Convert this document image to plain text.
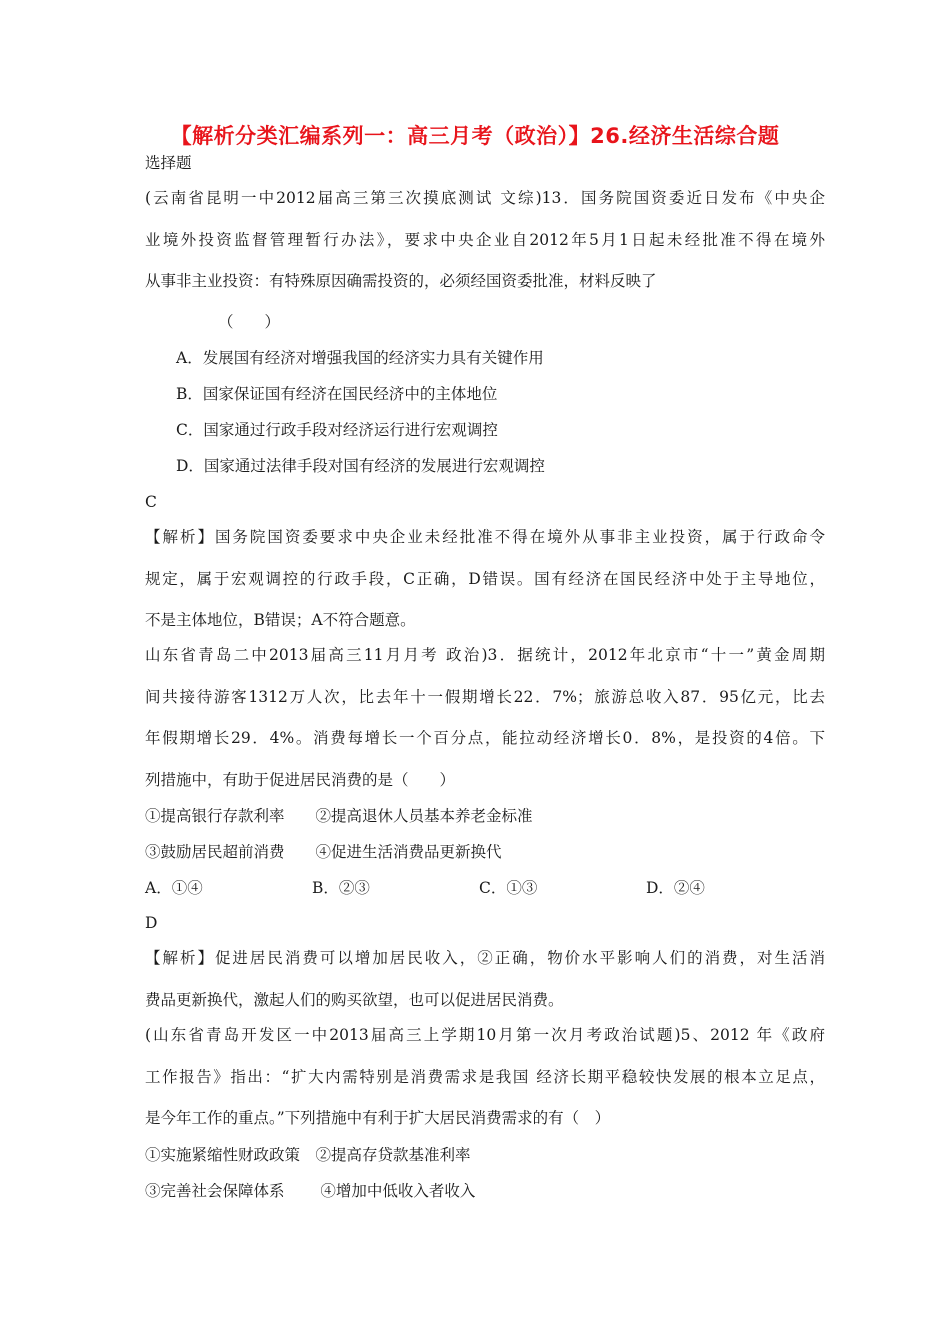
【解析分类汇编系列一：高三月考（政治）】26.经济生活综合题
选择题
(云南省昆明一中2012届高三第三次摸底测试 文综)13．国务院国资委近日发布《中央企
业境外投资监督管理暂行办法》，要求中央企业自2012年5月1日起未经批准不得在境外
从事非主业投资：有特殊原因确需投资的，必须经国资委批准，材料反映了
（　　）
A．发展国有经济对增强我国的经济实力具有关键作用
B．国家保证国有经济在国民经济中的主体地位
C．国家通过行政手段对经济运行进行宏观调控
D．国家通过法律手段对国有经济的发展进行宏观调控
C
【解析】国务院国资委要求中央企业未经批准不得在境外从事非主业投资，属于行政命令
规定，属于宏观调控的行政手段，C正确，D错误。国有经济在国民经济中处于主导地位，
不是主体地位，B错误；A不符合题意。
山东省青岛二中2013届高三11月月考 政治)3．据统计，2012年北京市“十一”黄金周期
间共接待游客1312万人次，比去年十一假期增长22．7%；旅游总收入87．95亿元，比去
年假期增长29．4%。消费每增长一个百分点，能拉动经济增长0．8%，是投资的4倍。下
列措施中，有助于促进居民消费的是（　　）
①提高银行存款利率　　②提高退休人员基本养老金标准
③鼓励居民超前消费　　④促进生活消费品更新换代
A．①④	B．②③	C．①③	D．②④
D
【解析】促进居民消费可以增加居民收入，②正确，物价水平影响人们的消费，对生活消
费品更新换代，激起人们的购买欲望，也可以促进居民消费。
(山东省青岛开发区一中2013届高三上学期10月第一次月考政治试题)5、2012 年《政府
工作报告》指出：“扩大内需特别是消费需求是我国 经济长期平稳较快发展的根本立足点，
是今年工作的重点。”下列措施中有利于扩大居民消费需求的有（　）
①实施紧缩性财政政策　②提高存贷款基准利率
③完善社会保障体系　　 ④增加中低收入者收入
